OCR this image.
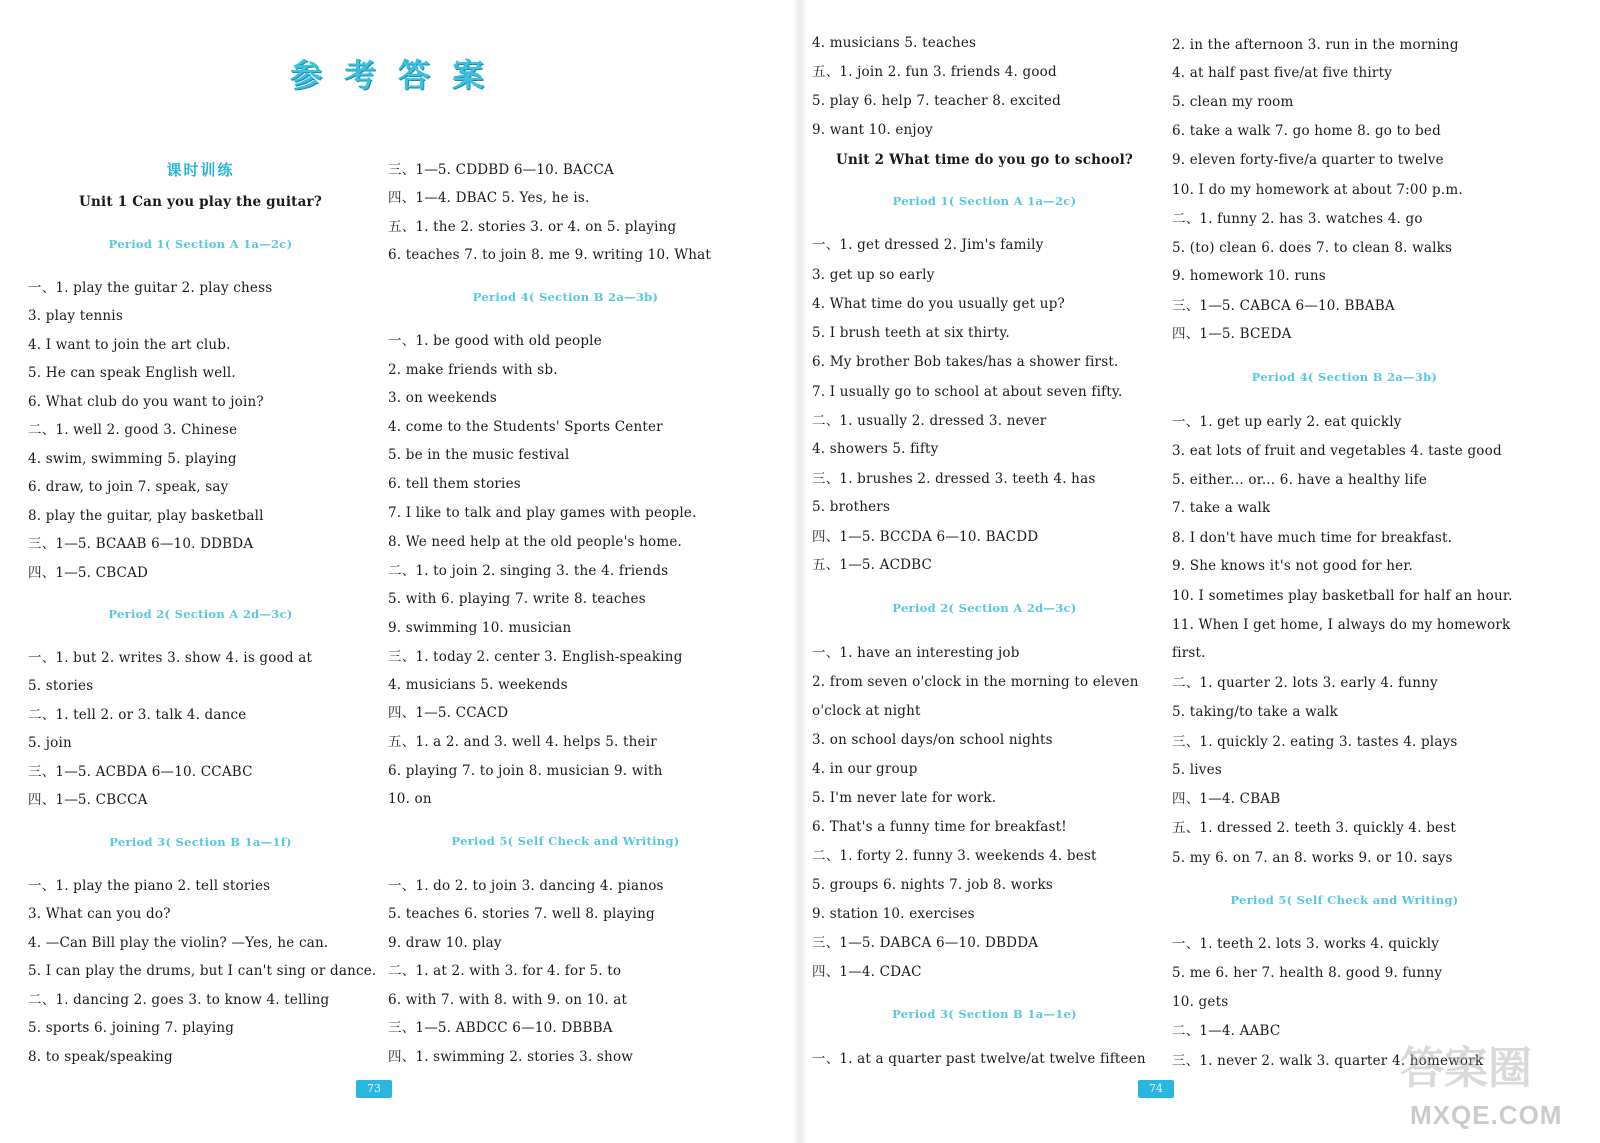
参考答案
课时训练
Unit 1 Can you play the guitar?
Period 1( Section A 1a—2c)
一、1. play the guitar 2. play chess
3. play tennis
4. I want to join the art club.
5. He can speak English well.
6. What club do you want to join?
二、1. well 2. good 3. Chinese
4. swim, swimming 5. playing
6. draw, to join 7. speak, say
8. play the guitar, play basketball
三、1—5. BCAAB 6—10. DDBDA
四、1—5. CBCAD
Period 2( Section A 2d—3c)
一、1. but 2. writes 3. show 4. is good at
5. stories
二、1. tell 2. or 3. talk 4. dance
5. join
三、1—5. ACBDA 6—10. CCABC
四、1—5. CBCCA
Period 3( Section B 1a—1f)
一、1. play the piano 2. tell stories
3. What can you do?
4. —Can Bill play the violin? —Yes, he can.
5. I can play the drums, but I can't sing or dance.
二、1. dancing 2. goes 3. to know 4. telling
5. sports 6. joining 7. playing
8. to speak/speaking
三、1—5. CDDBD 6—10. BACCA
四、1—4. DBAC 5. Yes, he is.
五、1. the 2. stories 3. or 4. on 5. playing
6. teaches 7. to join 8. me 9. writing 10. What
Period 4( Section B 2a—3b)
一、1. be good with old people
2. make friends with sb.
3. on weekends
4. come to the Students' Sports Center
5. be in the music festival
6. tell them stories
7. I like to talk and play games with people.
8. We need help at the old people's home.
二、1. to join 2. singing 3. the 4. friends
5. with 6. playing 7. write 8. teaches
9. swimming 10. musician
三、1. today 2. center 3. English-speaking
4. musicians 5. weekends
四、1—5. CCACD
五、1. a 2. and 3. well 4. helps 5. their
6. playing 7. to join 8. musician 9. with
10. on
Period 5( Self Check and Writing)
一、1. do 2. to join 3. dancing 4. pianos
5. teaches 6. stories 7. well 8. playing
9. draw 10. play
二、1. at 2. with 3. for 4. for 5. to
6. with 7. with 8. with 9. on 10. at
三、1—5. ABDCC 6—10. DBBBA
四、1. swimming 2. stories 3. show
4. musicians 5. teaches
五、1. join 2. fun 3. friends 4. good
5. play 6. help 7. teacher 8. excited
9. want 10. enjoy
Unit 2 What time do you go to school?
Period 1( Section A 1a—2c)
一、1. get dressed 2. Jim's family
3. get up so early
4. What time do you usually get up?
5. I brush teeth at six thirty.
6. My brother Bob takes/has a shower first.
7. I usually go to school at about seven fifty.
二、1. usually 2. dressed 3. never
4. showers 5. fifty
三、1. brushes 2. dressed 3. teeth 4. has
5. brothers
四、1—5. BCCDA 6—10. BACDD
五、1—5. ACDBC
Period 2( Section A 2d—3c)
一、1. have an interesting job
2. from seven o'clock in the morning to eleven
o'clock at night
3. on school days/on school nights
4. in our group
5. I'm never late for work.
6. That's a funny time for breakfast!
二、1. forty 2. funny 3. weekends 4. best
5. groups 6. nights 7. job 8. works
9. station 10. exercises
三、1—5. DABCA 6—10. DBDDA
四、1—4. CDAC
Period 3( Section B 1a—1e)
一、1. at a quarter past twelve/at twelve fifteen
2. in the afternoon 3. run in the morning
4. at half past five/at five thirty
5. clean my room
6. take a walk 7. go home 8. go to bed
9. eleven forty-five/a quarter to twelve
10. I do my homework at about 7:00 p.m.
二、1. funny 2. has 3. watches 4. go
5. (to) clean 6. does 7. to clean 8. walks
9. homework 10. runs
三、1—5. CABCA 6—10. BBABA
四、1—5. BCEDA
Period 4( Section B 2a—3b)
一、1. get up early 2. eat quickly
3. eat lots of fruit and vegetables 4. taste good
5. either... or... 6. have a healthy life
7. take a walk
8. I don't have much time for breakfast.
9. She knows it's not good for her.
10. I sometimes play basketball for half an hour.
11. When I get home, I always do my homework
first.
二、1. quarter 2. lots 3. early 4. funny
5. taking/to take a walk
三、1. quickly 2. eating 3. tastes 4. plays
5. lives
四、1—4. CBAB
五、1. dressed 2. teeth 3. quickly 4. best
5. my 6. on 7. an 8. works 9. or 10. says
Period 5( Self Check and Writing)
一、1. teeth 2. lots 3. works 4. quickly
5. me 6. her 7. health 8. good 9. funny
10. gets
二、1—4. AABC
三、1. never 2. walk 3. quarter 4. homework
73	74	答案圈
MXQE.COM
